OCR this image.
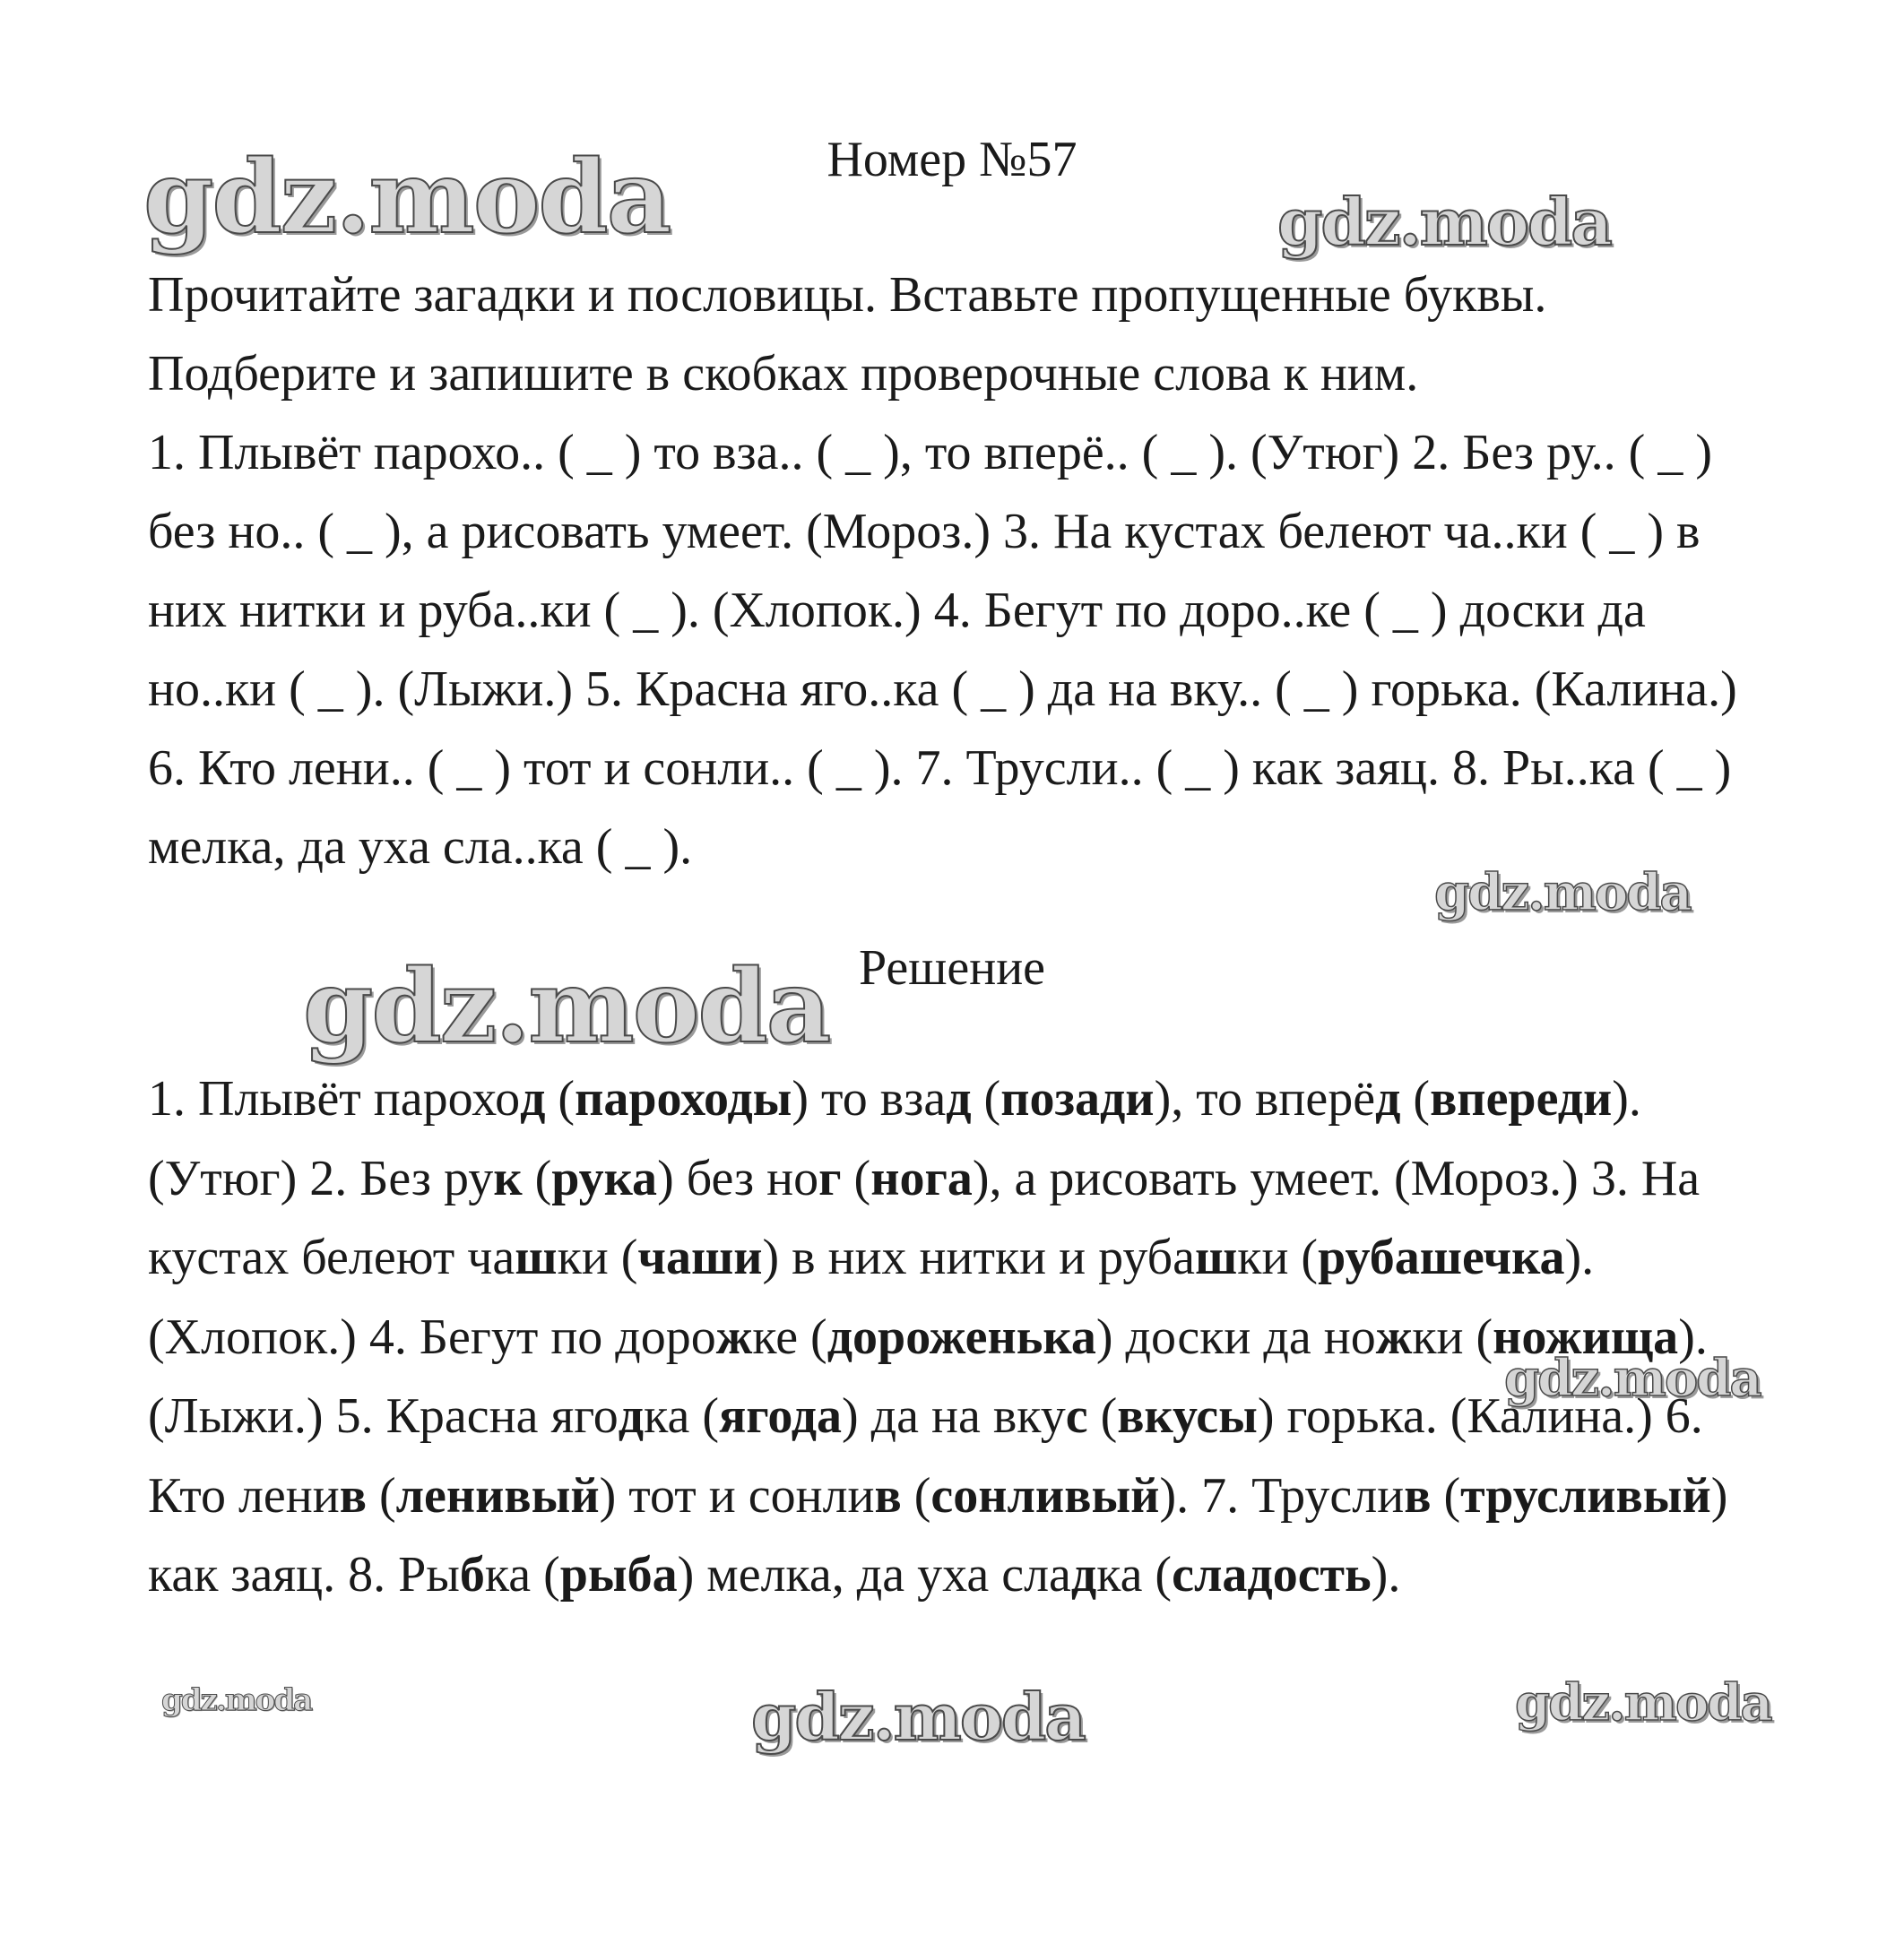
Номер №57

Прочитайте загадки и пословицы. Вставьте пропущенные буквы.

Подберите и запишите в скобках проверочные слова к ним.

1. Плывёт парохо.. ( _ ) то вза.. ( _ ), то вперё.. ( _ ). (Утюг) 2. Без ру.. ( _ ) без но.. ( _ ), а рисовать умеет. (Мороз.) 3. На кустах белеют ча..ки ( _ ) в них нитки и руба..ки ( _ ). (Хлопок.) 4. Бегут по доро..ке ( _ ) доски да но..ки ( _ ). (Лыжи.) 5. Красна яго..ка ( _ ) да на вку.. ( _ ) горька. (Калина.) 6. Кто лени.. ( _ ) тот и сонли.. ( _ ). 7. Трусли.. ( _ ) как заяц. 8. Ры..ка ( _ ) мелка, да уха сла..ка ( _ ).

Решение

1. Плывёт пароход (пароходы) то взад (позади), то вперёд (впереди). (Утюг) 2. Без рук (рука) без ног (нога), а рисовать умеет. (Мороз.) 3. На кустах белеют чашки (чаши) в них нитки и рубашки (рубашечка). (Хлопок.) 4. Бегут по дорожке (дороженька) доски да ножки (ножища). (Лыжи.) 5. Красна ягодка (ягода) да на вкус (вкусы) горька. (Калина.) 6. Кто ленив (ленивый) тот и сонлив (сонливый). 7. Труслив (трусливый) как заяц. 8. Рыбка (рыба) мелка, да уха сладка (сладость).

gdz.moda	gdz.moda
gdz.moda
gdz.moda
gdz.moda
gdz.moda	gdz.moda	gdz.moda
